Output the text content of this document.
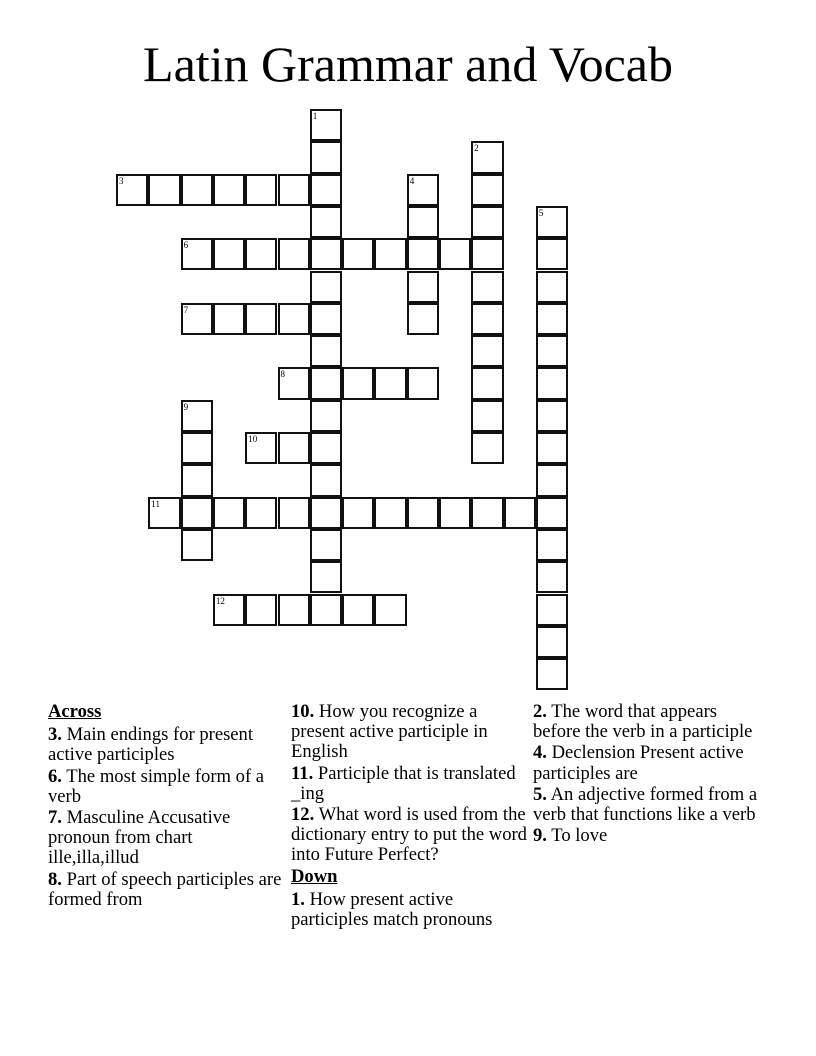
Latin Grammar and Vocab
1
2
3	4
5
6
7
8
9
10
11
12
Across
3. Main endings for present active participles
6. The most simple form of a verb
7. Masculine Accusative pronoun from chart ille,illa,illud
8. Part of speech participles are formed from
10. How you recognize a present active participle in English
11. Participle that is translated _ing
12. What word is used from the dictionary entry to put the word into Future Perfect?
Down
1. How present active participles match pronouns
2. The word that appears before the verb in a participle
4. Declension Present active participles are
5. An adjective formed from a verb that functions like a verb
9. To love
